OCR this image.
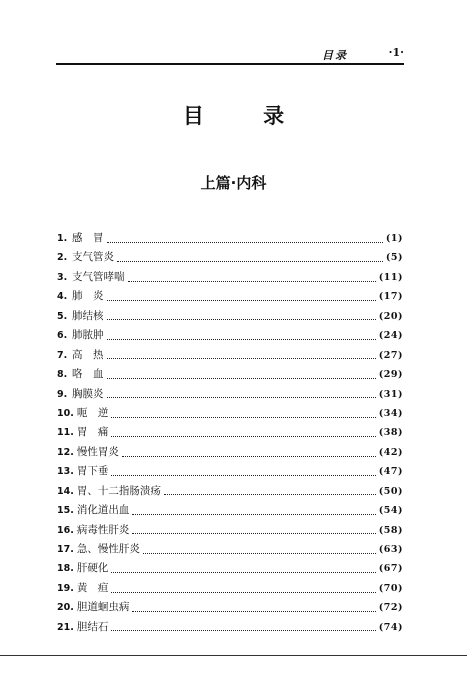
目录	·1·
目 录
上篇·内科
1. 感　冒	(1)
2. 支气管炎	(5)
3. 支气管哮喘	(11)
4. 肺　炎	(17)
5. 肺结核	(20)
6. 肺脓肿	(24)
7. 高　热	(27)
8. 咯　血	(29)
9. 胸膜炎	(31)
10. 呃　逆	(34)
11. 胃　痛	(38)
12. 慢性胃炎	(42)
13. 胃下垂	(47)
14. 胃、十二指肠溃疡	(50)
15. 消化道出血	(54)
16. 病毒性肝炎	(58)
17. 急、慢性肝炎	(63)
18. 肝硬化	(67)
19. 黄　疸	(70)
20. 胆道蛔虫病	(72)
21. 胆结石	(74)
